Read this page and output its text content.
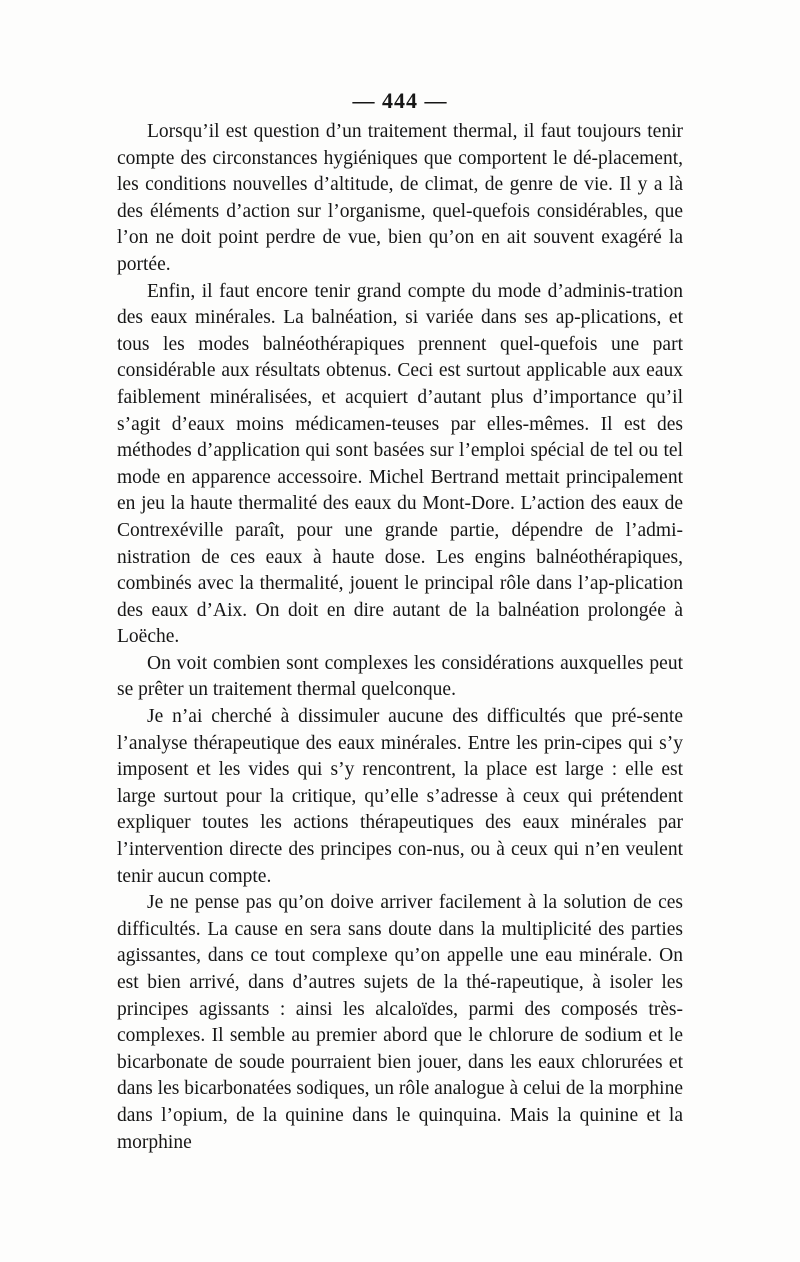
— 444 —

Lorsqu’il est question d’un traitement thermal, il faut toujours tenir compte des circonstances hygiéniques que comportent le dé-placement, les conditions nouvelles d’altitude, de climat, de genre de vie. Il y a là des éléments d’action sur l’organisme, quel-quefois considérables, que l’on ne doit point perdre de vue, bien qu’on en ait souvent exagéré la portée.

Enfin, il faut encore tenir grand compte du mode d’adminis-tration des eaux minérales. La balnéation, si variée dans ses ap-plications, et tous les modes balnéothérapiques prennent quel-quefois une part considérable aux résultats obtenus. Ceci est surtout applicable aux eaux faiblement minéralisées, et acquiert d’autant plus d’importance qu’il s’agit d’eaux moins médicamen-teuses par elles-mêmes. Il est des méthodes d’application qui sont basées sur l’emploi spécial de tel ou tel mode en apparence accessoire. Michel Bertrand mettait principalement en jeu la haute thermalité des eaux du Mont-Dore. L’action des eaux de Contrexéville paraît, pour une grande partie, dépendre de l’admi-nistration de ces eaux à haute dose. Les engins balnéothérapiques, combinés avec la thermalité, jouent le principal rôle dans l’ap-plication des eaux d’Aix. On doit en dire autant de la balnéation prolongée à Loëche.

On voit combien sont complexes les considérations auxquelles peut se prêter un traitement thermal quelconque.

Je n’ai cherché à dissimuler aucune des difficultés que pré-sente l’analyse thérapeutique des eaux minérales. Entre les prin-cipes qui s’y imposent et les vides qui s’y rencontrent, la place est large : elle est large surtout pour la critique, qu’elle s’adresse à ceux qui prétendent expliquer toutes les actions thérapeutiques des eaux minérales par l’intervention directe des principes con-nus, ou à ceux qui n’en veulent tenir aucun compte.

Je ne pense pas qu’on doive arriver facilement à la solution de ces difficultés. La cause en sera sans doute dans la multiplicité des parties agissantes, dans ce tout complexe qu’on appelle une eau minérale. On est bien arrivé, dans d’autres sujets de la thé-rapeutique, à isoler les principes agissants : ainsi les alcaloïdes, parmi des composés très-complexes. Il semble au premier abord que le chlorure de sodium et le bicarbonate de soude pourraient bien jouer, dans les eaux chlorurées et dans les bicarbonatées sodiques, un rôle analogue à celui de la morphine dans l’opium, de la quinine dans le quinquina. Mais la quinine et la morphine
